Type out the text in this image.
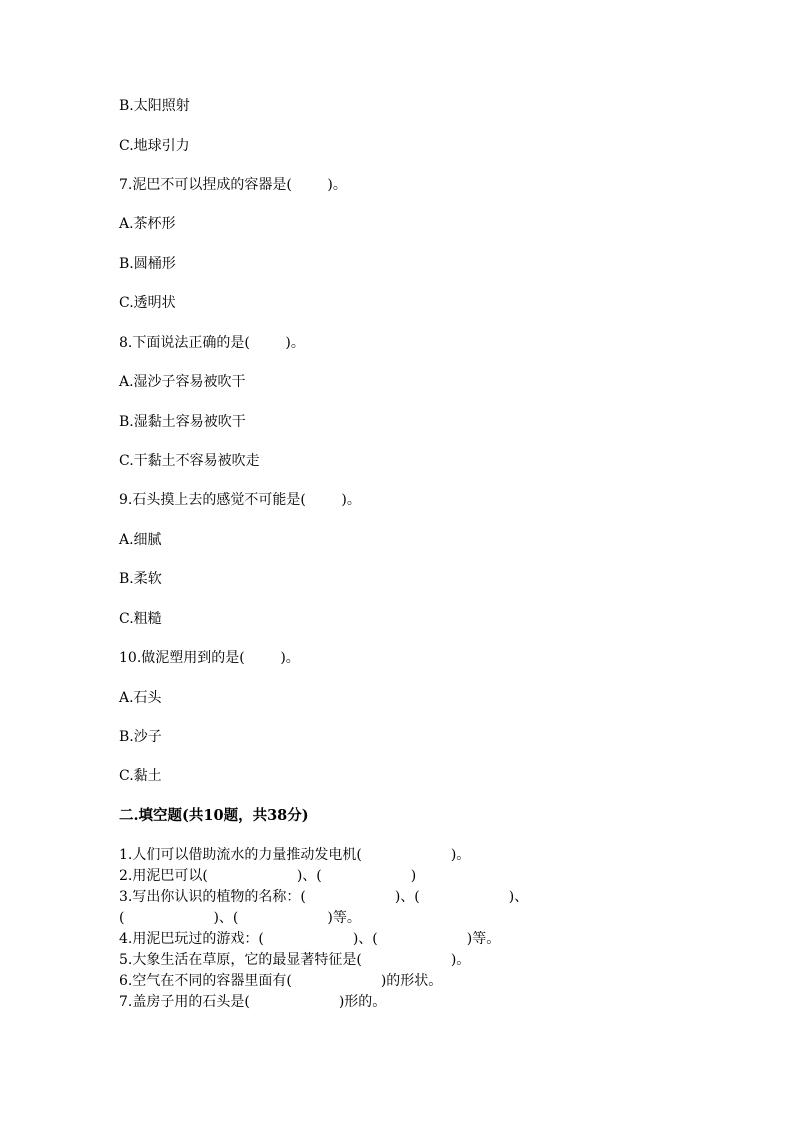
B.太阳照射
C.地球引力
7.泥巴不可以捏成的容器是(        )。
A.茶杯形
B.圆桶形
C.透明状
8.下面说法正确的是(        )。
A.湿沙子容易被吹干
B.湿黏土容易被吹干
C.干黏土不容易被吹走
9.石头摸上去的感觉不可能是(        )。
A.细腻
B.柔软
C.粗糙
10.做泥塑用到的是(        )。
A.石头
B.沙子
C.黏土
二.填空题(共10题，共38分)
1.人们可以借助流水的力量推动发电机(                    )。
2.用泥巴可以(                    )、(                    )
3.写出你认识的植物的名称：(                    )、(                    )、
(                    )、(                    )等。
4.用泥巴玩过的游戏：(                    )、(                    )等。
5.大象生活在草原，它的最显著特征是(                    )。
6.空气在不同的容器里面有(                    )的形状。
7.盖房子用的石头是(                    )形的。
